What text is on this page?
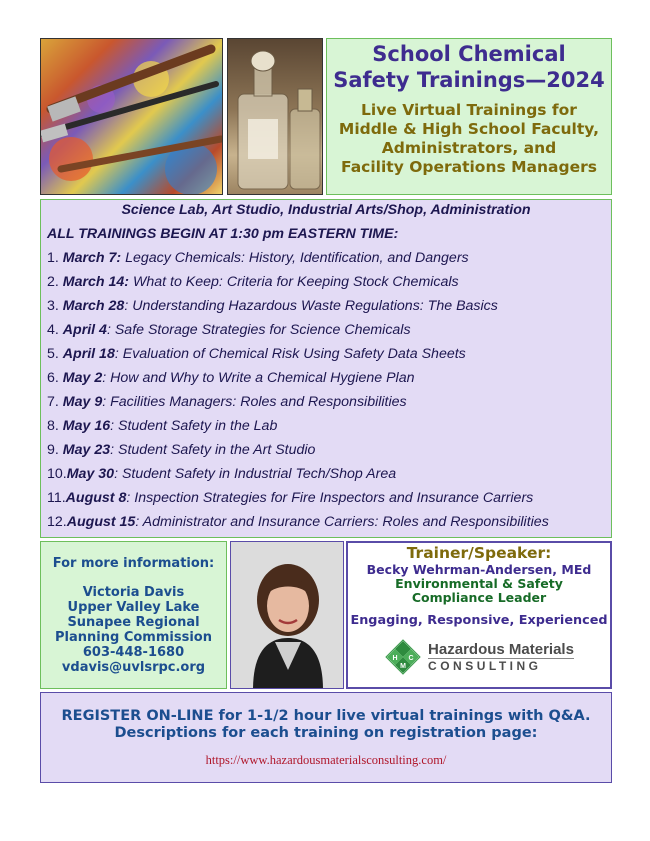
School Chemical
Safety Trainings—2024
Live Virtual Trainings for
Middle & High School Faculty,
Administrators, and
Facility Operations Managers
Science Lab, Art Studio, Industrial Arts/Shop, Administration
ALL TRAININGS BEGIN AT 1:30 pm EASTERN TIME:
1. March 7: Legacy Chemicals: History, Identification, and Dangers
2. March 14: What to Keep: Criteria for Keeping Stock Chemicals
3. March 28: Understanding Hazardous Waste Regulations: The Basics
4. April 4: Safe Storage Strategies for Science Chemicals
5. April 18: Evaluation of Chemical Risk Using Safety Data Sheets
6. May 2: How and Why to Write a Chemical Hygiene Plan
7. May 9: Facilities Managers: Roles and Responsibilities
8. May 16: Student Safety in the Lab
9. May 23: Student Safety in the Art Studio
10.May 30: Student Safety in Industrial Tech/Shop Area
11.August 8: Inspection Strategies for Fire Inspectors and Insurance Carriers
12.August 15: Administrator and Insurance Carriers: Roles and Responsibilities
For more information:
Victoria Davis
Upper Valley Lake
Sunapee Regional
Planning Commission
603-448-1680
vdavis@uvlsrpc.org
Trainer/Speaker:
Becky Wehrman-Andersen, MEd
Environmental & Safety
Compliance Leader
Engaging, Responsive, Experienced
H C
M
Hazardous Materials
CONSULTING
REGISTER ON-LINE for 1-1/2 hour live virtual trainings with Q&A.
Descriptions for each training on registration page:
https://www.hazardousmaterialsconsulting.com/
